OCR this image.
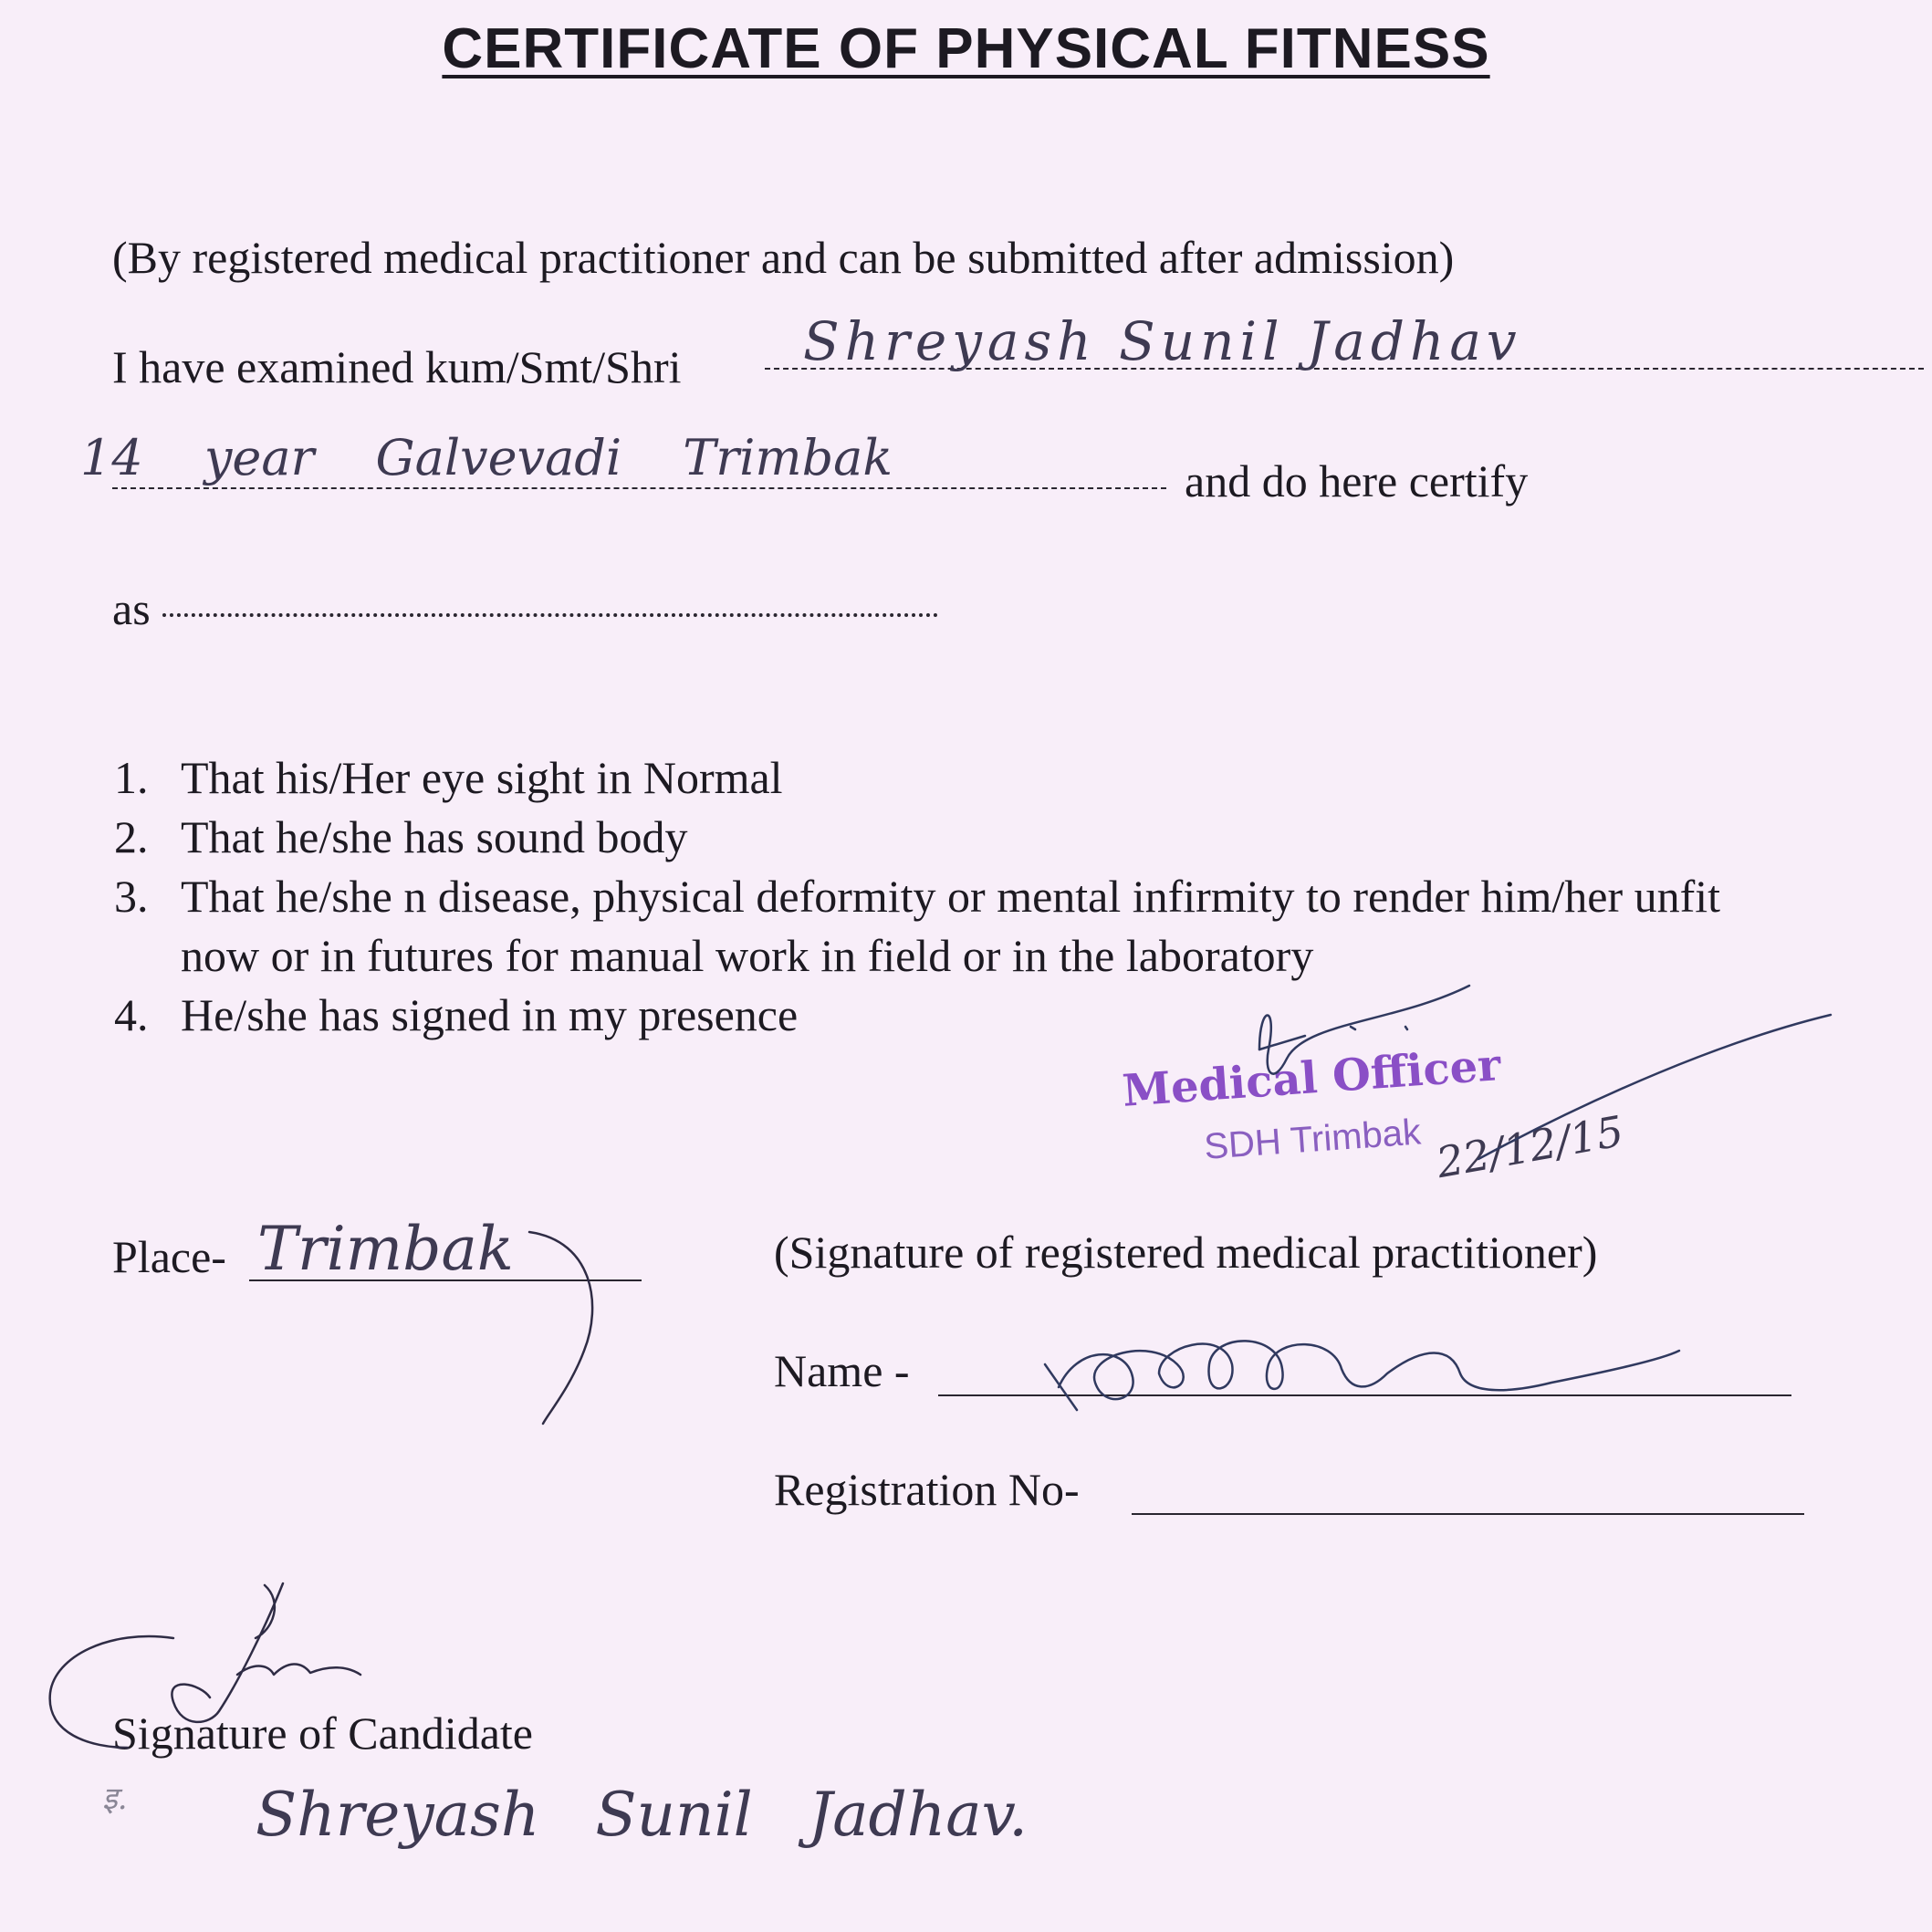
CERTIFICATE OF PHYSICAL FITNESS
(By registered medical practitioner and can be submitted after admission)
I have examined kum/Smt/Shri Shreyash Sunil Jadhav
14 year Galvevadi Trimbak	and do here certify
as
1. That his/Her eye sight in Normal
2. That he/she has sound body
3. That he/she n disease, physical deformity or mental infirmity to render him/her unfit
now or in futures for manual work in field or in the laboratory
4. He/she has signed in my presence
Medical Officer
SDH Trimbak 22/12/15
Place- Trimbak	(Signature of registered medical practitioner)
Name -
Registration No-
Signature of Candidate
इ. Shreyash Sunil Jadhav.
